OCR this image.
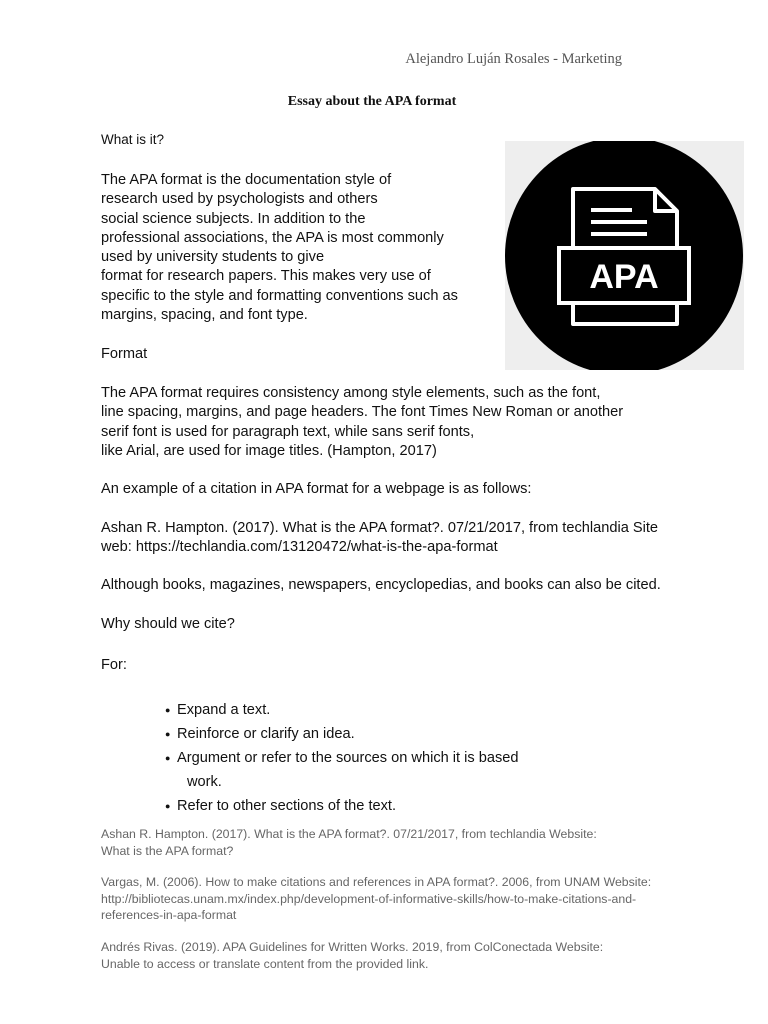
Alejandro Luján Rosales - Marketing
Essay about the APA format
What is it?
The APA format is the documentation style of
research used by psychologists and others
social science subjects. In addition to the
professional associations, the APA is most commonly
used by university students to give
format for research papers. This makes very use of
specific to the style and formatting conventions such as
margins, spacing, and font type.
APA
Format
The APA format requires consistency among style elements, such as the font,
line spacing, margins, and page headers. The font Times New Roman or another
serif font is used for paragraph text, while sans serif fonts,
like Arial, are used for image titles. (Hampton, 2017)
An example of a citation in APA format for a webpage is as follows:
Ashan R. Hampton. (2017). What is the APA format?. 07/21/2017, from techlandia Site
web: https://techlandia.com/13120472/what-is-the-apa-format
Although books, magazines, newspapers, encyclopedias, and books can also be cited.
Why should we cite?
For:
● Expand a text.
● Reinforce or clarify an idea.
● Argument or refer to the sources on which it is based
work.
● Refer to other sections of the text.
Ashan R. Hampton. (2017). What is the APA format?. 07/21/2017, from techlandia Website:
What is the APA format?
Vargas, M. (2006). How to make citations and references in APA format?. 2006, from UNAM Website:
http://bibliotecas.unam.mx/index.php/development-of-informative-skills/how-to-make-citations-and-
references-in-apa-format
Andrés Rivas. (2019). APA Guidelines for Written Works. 2019, from ColConectada Website:
Unable to access or translate content from the provided link.
